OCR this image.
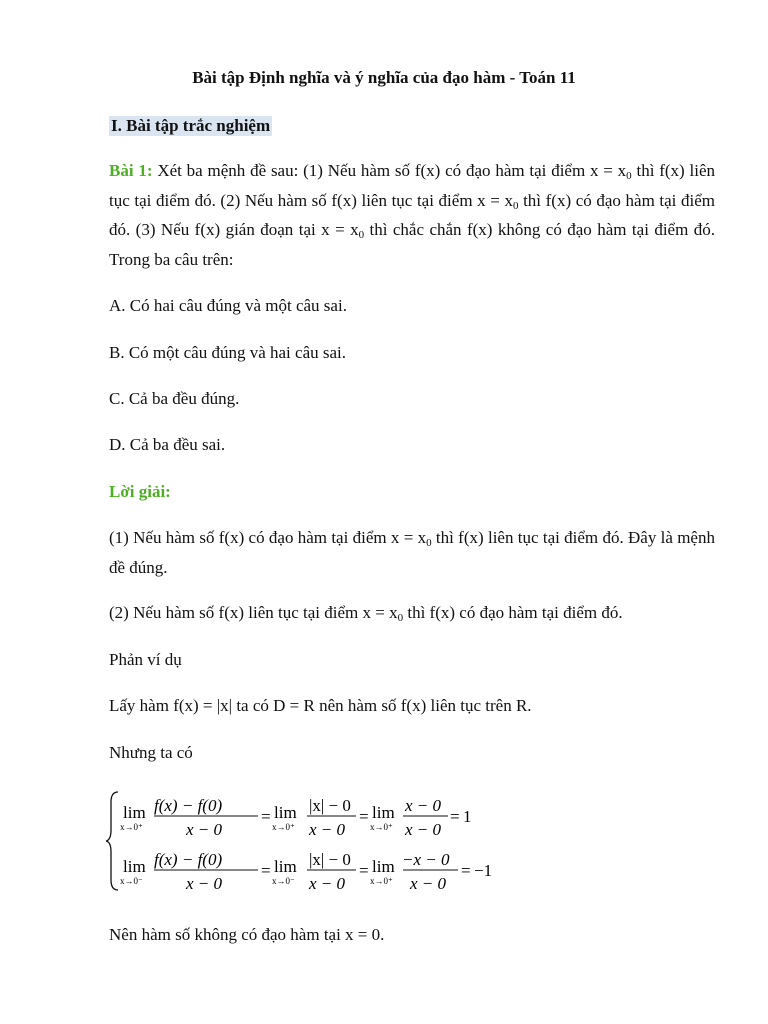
Bài tập Định nghĩa và ý nghĩa của đạo hàm - Toán 11
I. Bài tập trắc nghiệm

Bài 1: Xét ba mệnh đề sau: (1) Nếu hàm số f(x) có đạo hàm tại điểm $x = x_0$ thì f(x) liên tục tại điểm đó. (2) Nếu hàm số f(x) liên tục tại điểm $x = x_0$ thì f(x) có đạo hàm tại điểm đó. (3) Nếu f(x) gián đoạn tại $x = x_0$ thì chắc chắn f(x) không có đạo hàm tại điểm đó. Trong ba câu trên:

A. Có hai câu đúng và một câu sai.
B. Có một câu đúng và hai câu sai.
C. Cả ba đều đúng.
D. Cả ba đều sai.
Lời giải:

(1) Nếu hàm số f(x) có đạo hàm tại điểm $x = x_0$ thì f(x) liên tục tại điểm đó. Đây là mệnh đề đúng.

(2) Nếu hàm số f(x) liên tục tại điểm $x = x_0$ thì f(x) có đạo hàm tại điểm đó.
Phản ví dụ
Lấy hàm f(x) = |x| ta có D = R nên hàm số f(x) liên tục trên R.
Nhưng ta có
lim
x→0⁺
f(x) − f(0)
x − 0
= lim
x→0⁺
|x| − 0
x − 0
= lim
x→0⁺
x − 0
x − 0
= 1
lim
x→0⁻
f(x) − f(0)
x − 0
= lim
x→0⁻
|x| − 0
x − 0
= lim
x→0⁺
−x − 0
x − 0
= −1
Nên hàm số không có đạo hàm tại x = 0.
